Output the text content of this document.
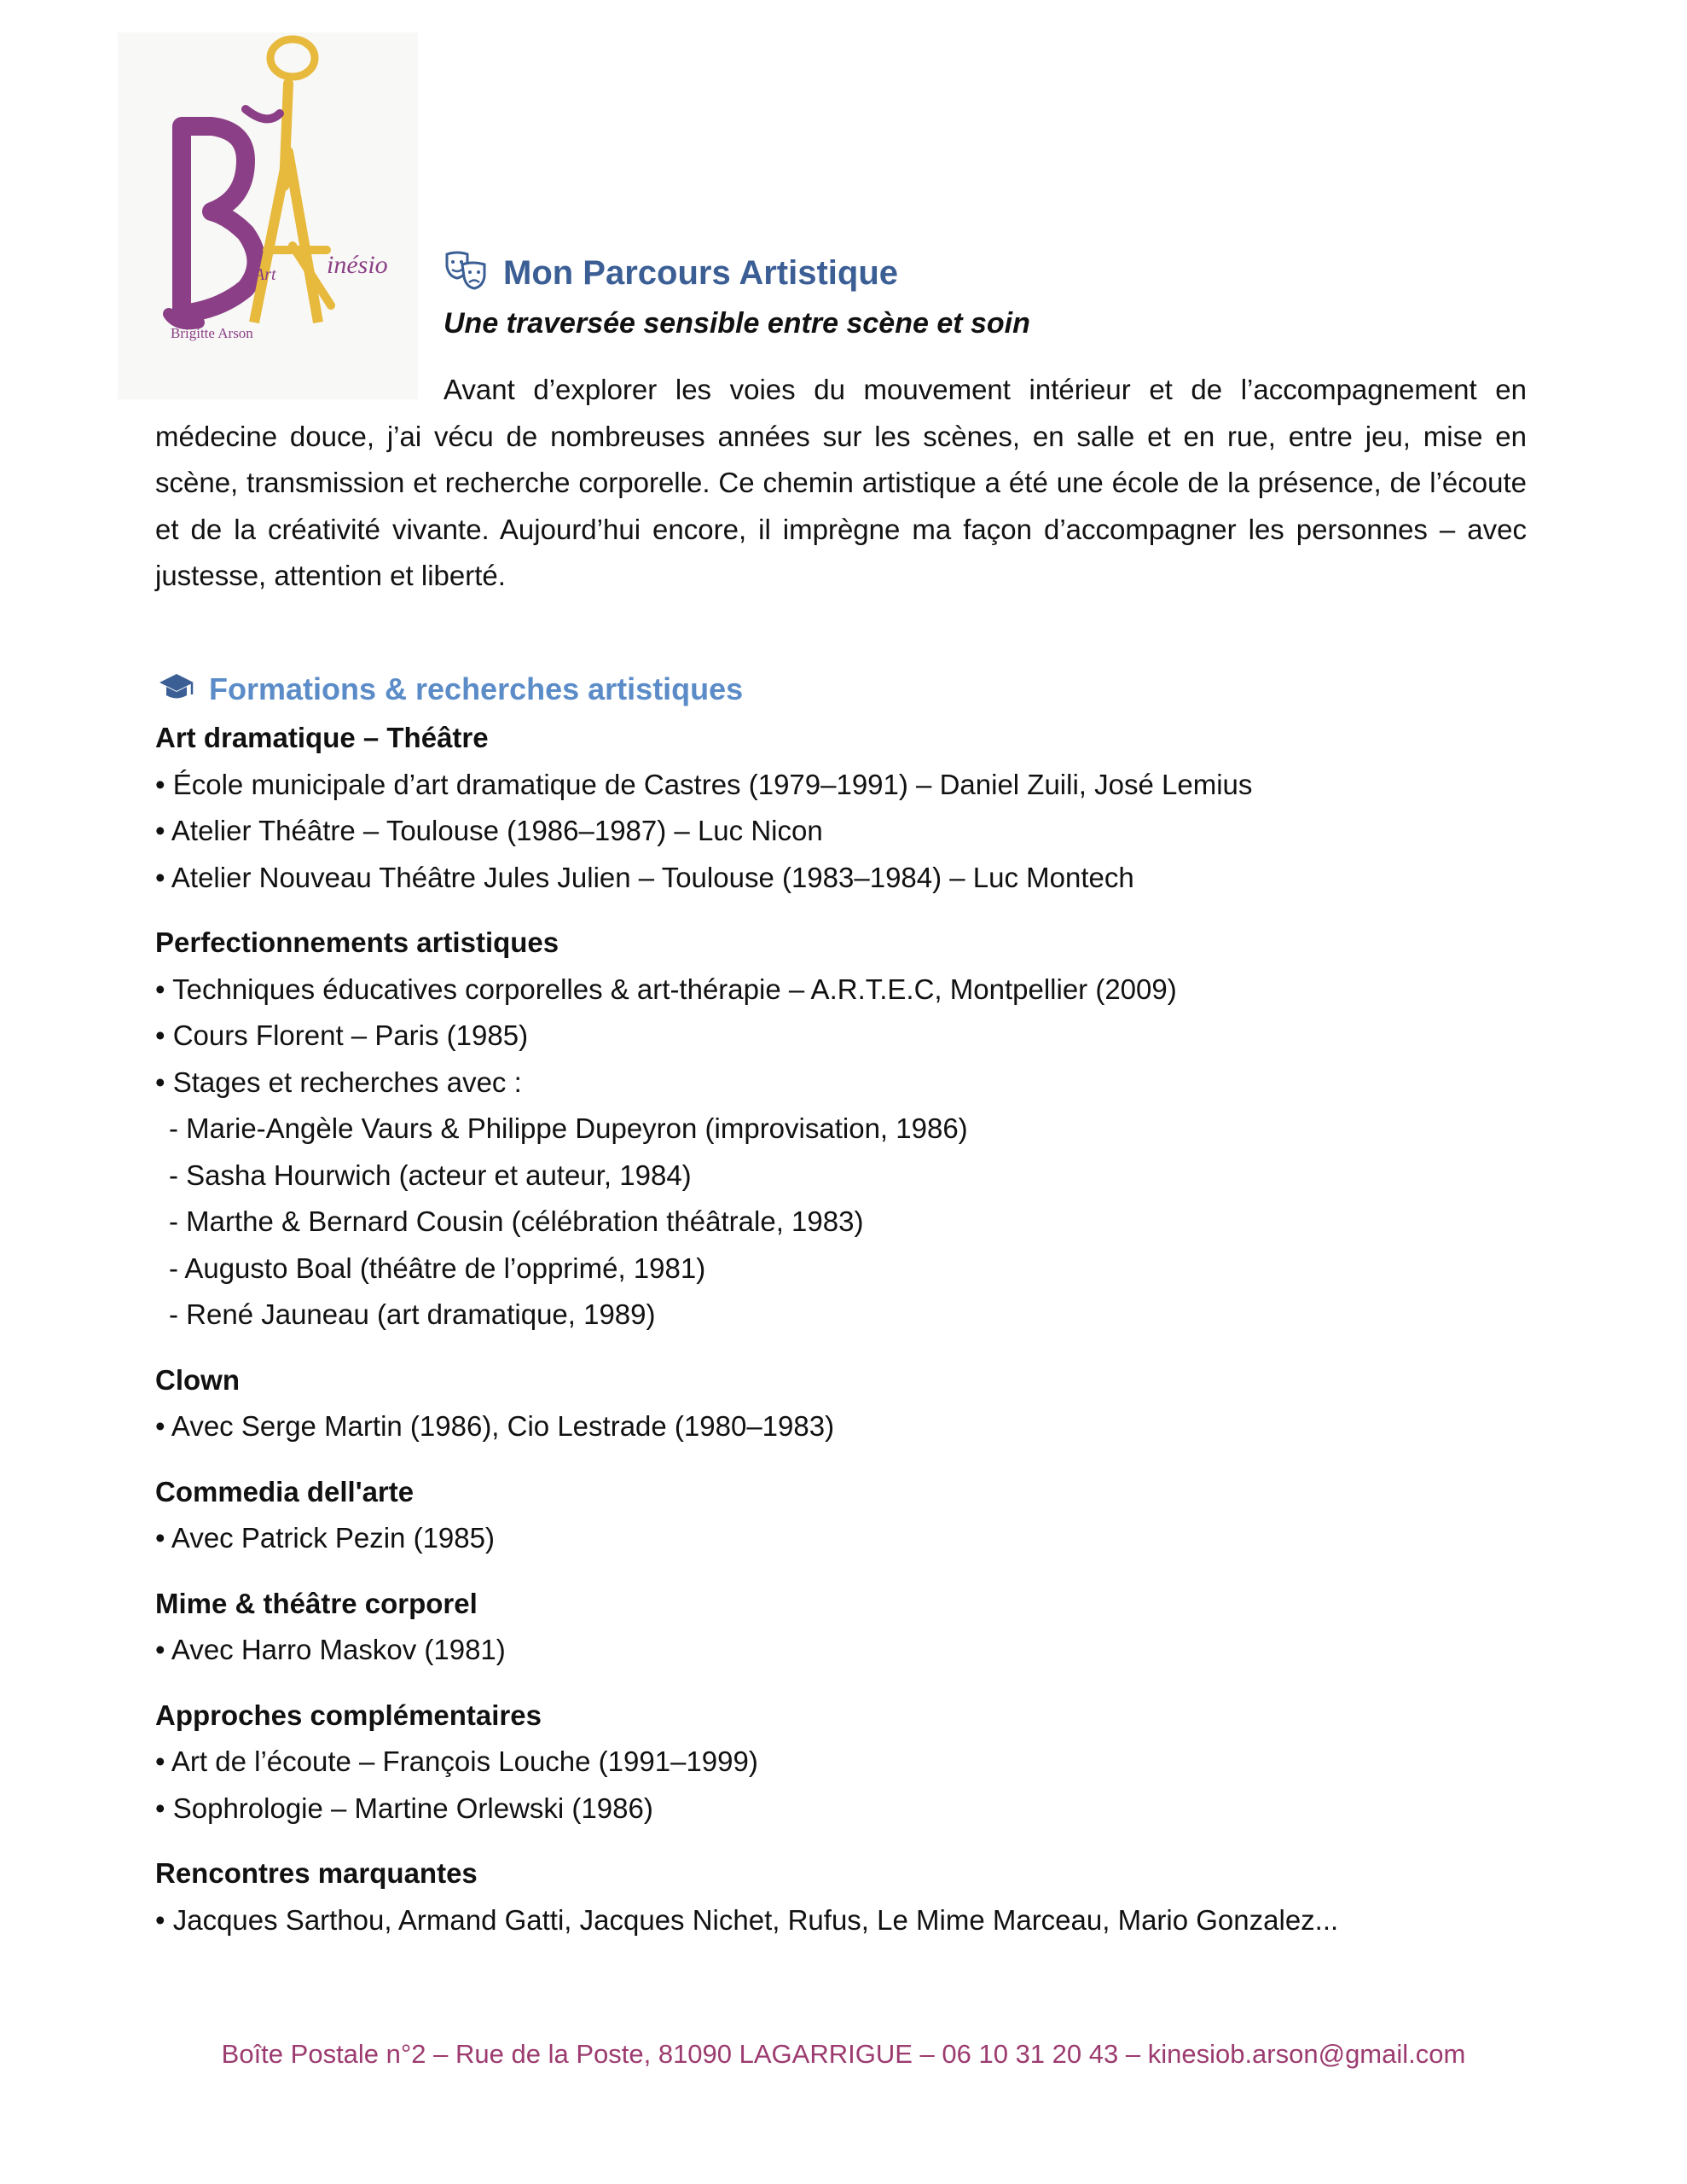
Art inésio
Brigitte Arson
Mon Parcours Artistique
Une traversée sensible entre scène et soin

Avant d’explorer les voies du mouvement intérieur et de l’accompagnement en médecine douce, j’ai vécu de nombreuses années sur les scènes, en salle et en rue, entre jeu, mise en scène, transmission et recherche corporelle. Ce chemin artistique a été une école de la présence, de l’écoute et de la créativité vivante. Aujourd’hui encore, il imprègne ma façon d’accompagner les personnes – avec justesse, attention et liberté.

Formations & recherches artistiques
Art dramatique – Théâtre
• École municipale d’art dramatique de Castres (1979–1991) – Daniel Zuili, José Lemius
• Atelier Théâtre – Toulouse (1986–1987) – Luc Nicon
• Atelier Nouveau Théâtre Jules Julien – Toulouse (1983–1984) – Luc Montech
Perfectionnements artistiques
• Techniques éducatives corporelles & art-thérapie – A.R.T.E.C, Montpellier (2009)
• Cours Florent – Paris (1985)
• Stages et recherches avec :
- Marie-Angèle Vaurs & Philippe Dupeyron (improvisation, 1986)
- Sasha Hourwich (acteur et auteur, 1984)
- Marthe & Bernard Cousin (célébration théâtrale, 1983)
- Augusto Boal (théâtre de l’opprimé, 1981)
- René Jauneau (art dramatique, 1989)
Clown
• Avec Serge Martin (1986), Cio Lestrade (1980–1983)
Commedia dell'arte
• Avec Patrick Pezin (1985)
Mime & théâtre corporel
• Avec Harro Maskov (1981)
Approches complémentaires
• Art de l’écoute – François Louche (1991–1999)
• Sophrologie – Martine Orlewski (1986)
Rencontres marquantes
• Jacques Sarthou, Armand Gatti, Jacques Nichet, Rufus, Le Mime Marceau, Mario Gonzalez...
Boîte Postale n°2 – Rue de la Poste, 81090 LAGARRIGUE – 06 10 31 20 43 – kinesiob.arson@gmail.com
